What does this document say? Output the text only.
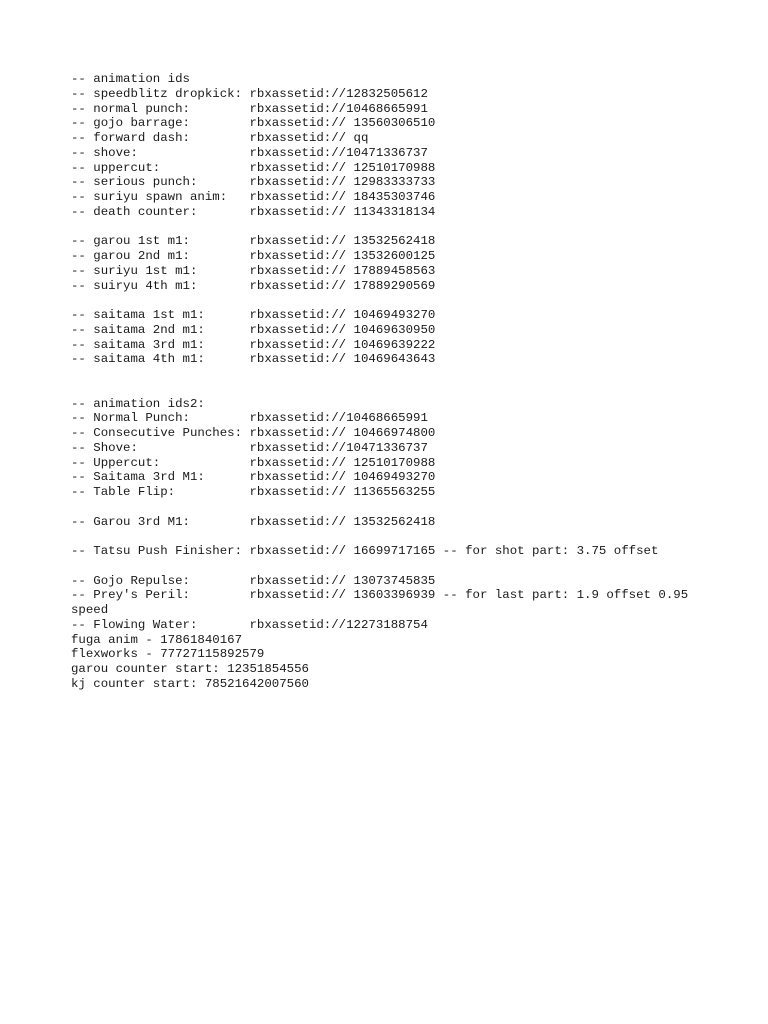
-- animation ids
-- speedblitz dropkick: rbxassetid://12832505612
-- normal punch:        rbxassetid://10468665991
-- gojo barrage:        rbxassetid:// 13560306510
-- forward dash:        rbxassetid:// qq
-- shove:               rbxassetid://10471336737
-- uppercut:            rbxassetid:// 12510170988
-- serious punch:       rbxassetid:// 12983333733
-- suriyu spawn anim:   rbxassetid:// 18435303746
-- death counter:       rbxassetid:// 11343318134
-- garou 1st m1:        rbxassetid:// 13532562418
-- garou 2nd m1:        rbxassetid:// 13532600125
-- suriyu 1st m1:       rbxassetid:// 17889458563
-- suiryu 4th m1:       rbxassetid:// 17889290569
-- saitama 1st m1:      rbxassetid:// 10469493270
-- saitama 2nd m1:      rbxassetid:// 10469630950
-- saitama 3rd m1:      rbxassetid:// 10469639222
-- saitama 4th m1:      rbxassetid:// 10469643643
-- animation ids2:
-- Normal Punch:        rbxassetid://10468665991
-- Consecutive Punches: rbxassetid:// 10466974800
-- Shove:               rbxassetid://10471336737
-- Uppercut:            rbxassetid:// 12510170988
-- Saitama 3rd M1:      rbxassetid:// 10469493270
-- Table Flip:          rbxassetid:// 11365563255
-- Garou 3rd M1:        rbxassetid:// 13532562418
-- Tatsu Push Finisher: rbxassetid:// 16699717165 -- for shot part: 3.75 offset
-- Gojo Repulse:        rbxassetid:// 13073745835
-- Prey's Peril:        rbxassetid:// 13603396939 -- for last part: 1.9 offset 0.95
speed
-- Flowing Water:       rbxassetid://12273188754
fuga anim - 17861840167
flexworks - 77727115892579
garou counter start: 12351854556
kj counter start: 78521642007560
